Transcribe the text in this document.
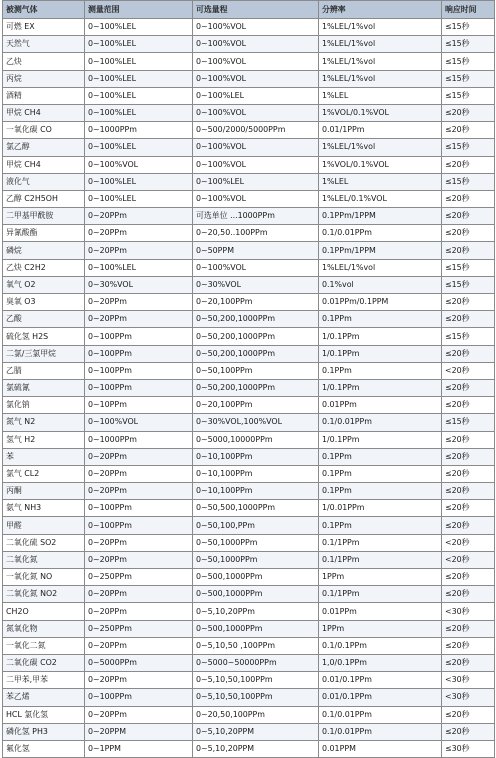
被测气体	测量范围	可选量程	分辨率	响应时间
可燃 EX	0~100%LEL	0~100%VOL	1%LEL/1%vol	≤15秒
天然气	0~100%LEL	0~100%VOL	1%LEL/1%vol	≤15秒
乙炔	0~100%LEL	0~100%VOL	1%LEL/1%vol	≤15秒
丙烷	0~100%LEL	0~100%VOL	1%LEL/1%vol	≤15秒
酒精	0~100%LEL	0~100%LEL	1%LEL	≤15秒
甲烷 CH4	0~100%LEL	0~100%VOL	1%VOL/0.1%VOL	≤20秒
一氧化碳 CO	0~1000PPm	0~500/2000/5000PPm	0.01/1PPm	≤20秒
氯乙醇	0~100%LEL	0~100%VOL	1%LEL/1%vol	≤15秒
甲烷 CH4	0~100%VOL	0~100%VOL	1%VOL/0.1%VOL	≤20秒
液化气	0~100%LEL	0~100%LEL	1%LEL	≤15秒
乙醇 C2H5OH	0~100%LEL	0~100%VOL	1%LEL/0.1%VOL	≤20秒
二甲基甲酰胺	0~20PPm	可选单位 ...1000PPm	0.1PPm/1PPM	≤20秒
异氰酸酯	0~20PPm	0~20,50..100PPm	0.1/0.01PPm	≤20秒
磷烷	0~20PPm	0~50PPM	0.1PPm/1PPM	≤20秒
乙炔 C2H2	0~100%LEL	0~100%VOL	1%LEL/1%vol	≤15秒
氧气 O2	0~30%VOL	0~30%VOL	0.1%vol	≤15秒
臭氧 O3	0~20PPm	0~20,100PPm	0.01PPm/0.1PPM	≤20秒
乙酸	0~20PPm	0~50,200,1000PPm	0.1PPm	≤20秒
硫化氢 H2S	0~100PPm	0~50,200,1000PPm	1/0.1PPm	≤15秒
二氯/三氯甲烷	0~100PPm	0~50,200,1000PPm	1/0.1PPm	≤20秒
乙腈	0~100PPm	0~50,100PPm	0.1PPm	<20秒
氯硫氰	0~100PPm	0~50,200,1000PPm	1/0.1PPm	≤20秒
氯化钠	0~10PPm	0~20,100PPm	0.01PPm	≤20秒
氮气 N2	0~100%VOL	0~30%VOL,100%VOL	0.1/0.01PPm	≤15秒
氢气 H2	0~1000PPm	0~5000,10000PPm	1/0.1PPm	≤20秒
苯	0~20PPm	0~10,100PPm	0.1PPm	≤20秒
氯气 CL2	0~20PPm	0~10,100PPm	0.1PPm	≤20秒
丙酮	0~20PPm	0~10,100PPm	0.1PPm	≤20秒
氨气 NH3	0~100PPm	0~50,500,1000PPm	1/0.01PPm	≤20秒
甲醛	0~100PPm	0~50,100,PPm	0.1PPm	≤20秒
二氧化硫 SO2	0~20PPm	0~50,1000PPm	0.1/1PPm	<20秒
二氧化氮	0~20PPm	0~50,1000PPm	0.1/1PPm	<20秒
一氧化氮 NO	0~250PPm	0~500,1000PPm	1PPm	≤20秒
二氧化氮 NO2	0~20PPm	0~500,1000PPm	0.1/1PPm	≤20秒
CH2O	0~20PPm	0~5,10,20PPm	0.01PPm	<30秒
氮氧化物	0~250PPm	0~500,1000PPm	1PPm	≤20秒
一氧化二氮	0~20PPm	0~5,10,50 ,100PPm	0.1/0.1PPm	≤20秒
二氧化碳 CO2	0~5000PPm	0~5000~50000PPm	1,0/0.1PPm	≤20秒
二甲苯,甲苯	0~20PPm	0~5,10,50,100PPm	0.01/0.1PPm	<30秒
苯乙烯	0~100PPm	0~5,10,50,100PPm	0.01/0.1PPm	<30秒
HCL 氯化氢	0~20PPm	0~20,50,100PPm	0.1/0.01PPm	≤20秒
磷化氢 PH3	0~20PPM	0~5,10,20PPM	0.1/0.01PPm	≤20秒
氟化氢	0~1PPM	0~5,10,20PPM	0.01PPM	≤30秒
